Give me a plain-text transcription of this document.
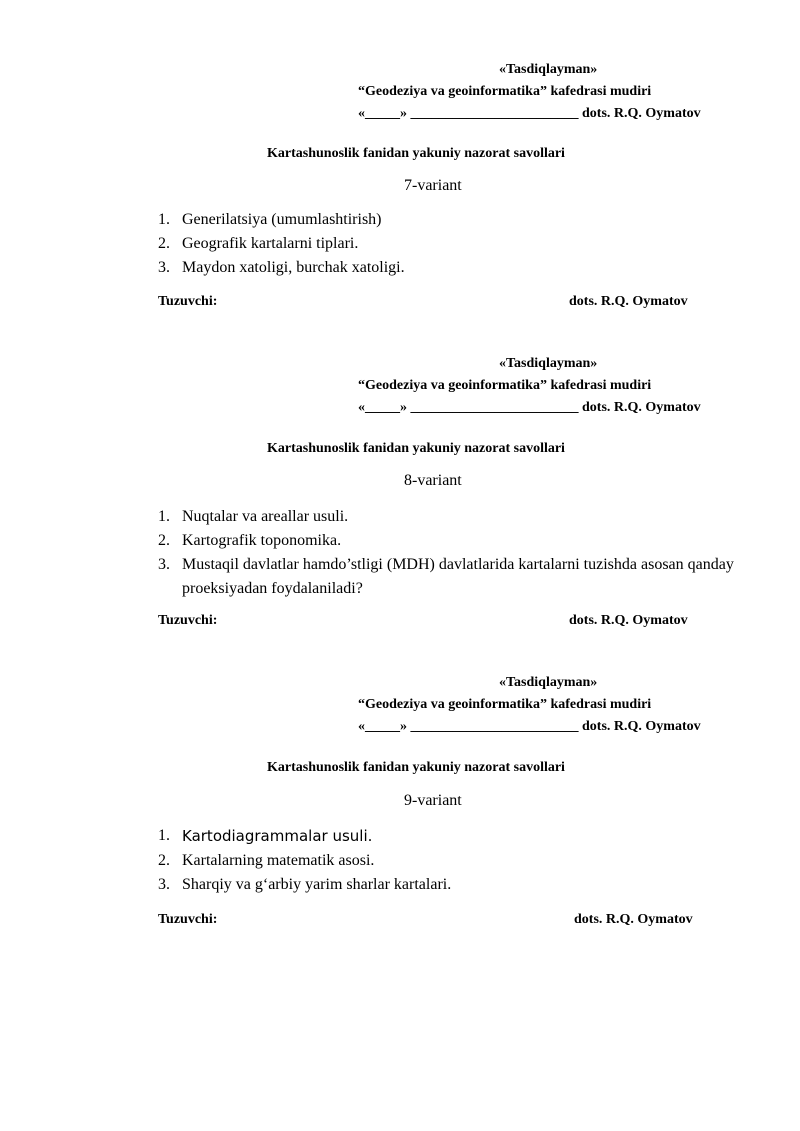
«Tasdiqlayman»
“Geodeziya va geoinformatika” kafedrasi mudiri
«_____» ________________________ dots. R.Q. Oymatov
Kartashunoslik fanidan yakuniy nazorat savollari
7-variant
1. Generilatsiya (umumlashtirish)
2. Geografik kartalarni tiplari.
3. Maydon xatoligi, burchak xatoligi.
Tuzuvchi:	dots. R.Q. Oymatov
«Tasdiqlayman»
“Geodeziya va geoinformatika” kafedrasi mudiri
«_____» ________________________ dots. R.Q. Oymatov
Kartashunoslik fanidan yakuniy nazorat savollari
8-variant
1. Nuqtalar va areallar usuli.
2. Kartografik toponomika.
3. Mustaqil davlatlar hamdo’stligi (MDH) davlatlarida kartalarni tuzishda asosan qanday proeksiyadan foydalaniladi?
Tuzuvchi:	dots. R.Q. Oymatov
«Tasdiqlayman»
“Geodeziya va geoinformatika” kafedrasi mudiri
«_____» ________________________ dots. R.Q. Oymatov
Kartashunoslik fanidan yakuniy nazorat savollari
9-variant
1. Kartodiagrammalar usuli.
2. Kartalarning matematik asosi.
3. Sharqiy va g‘arbiy yarim sharlar kartalari.
Tuzuvchi:	dots. R.Q. Oymatov
